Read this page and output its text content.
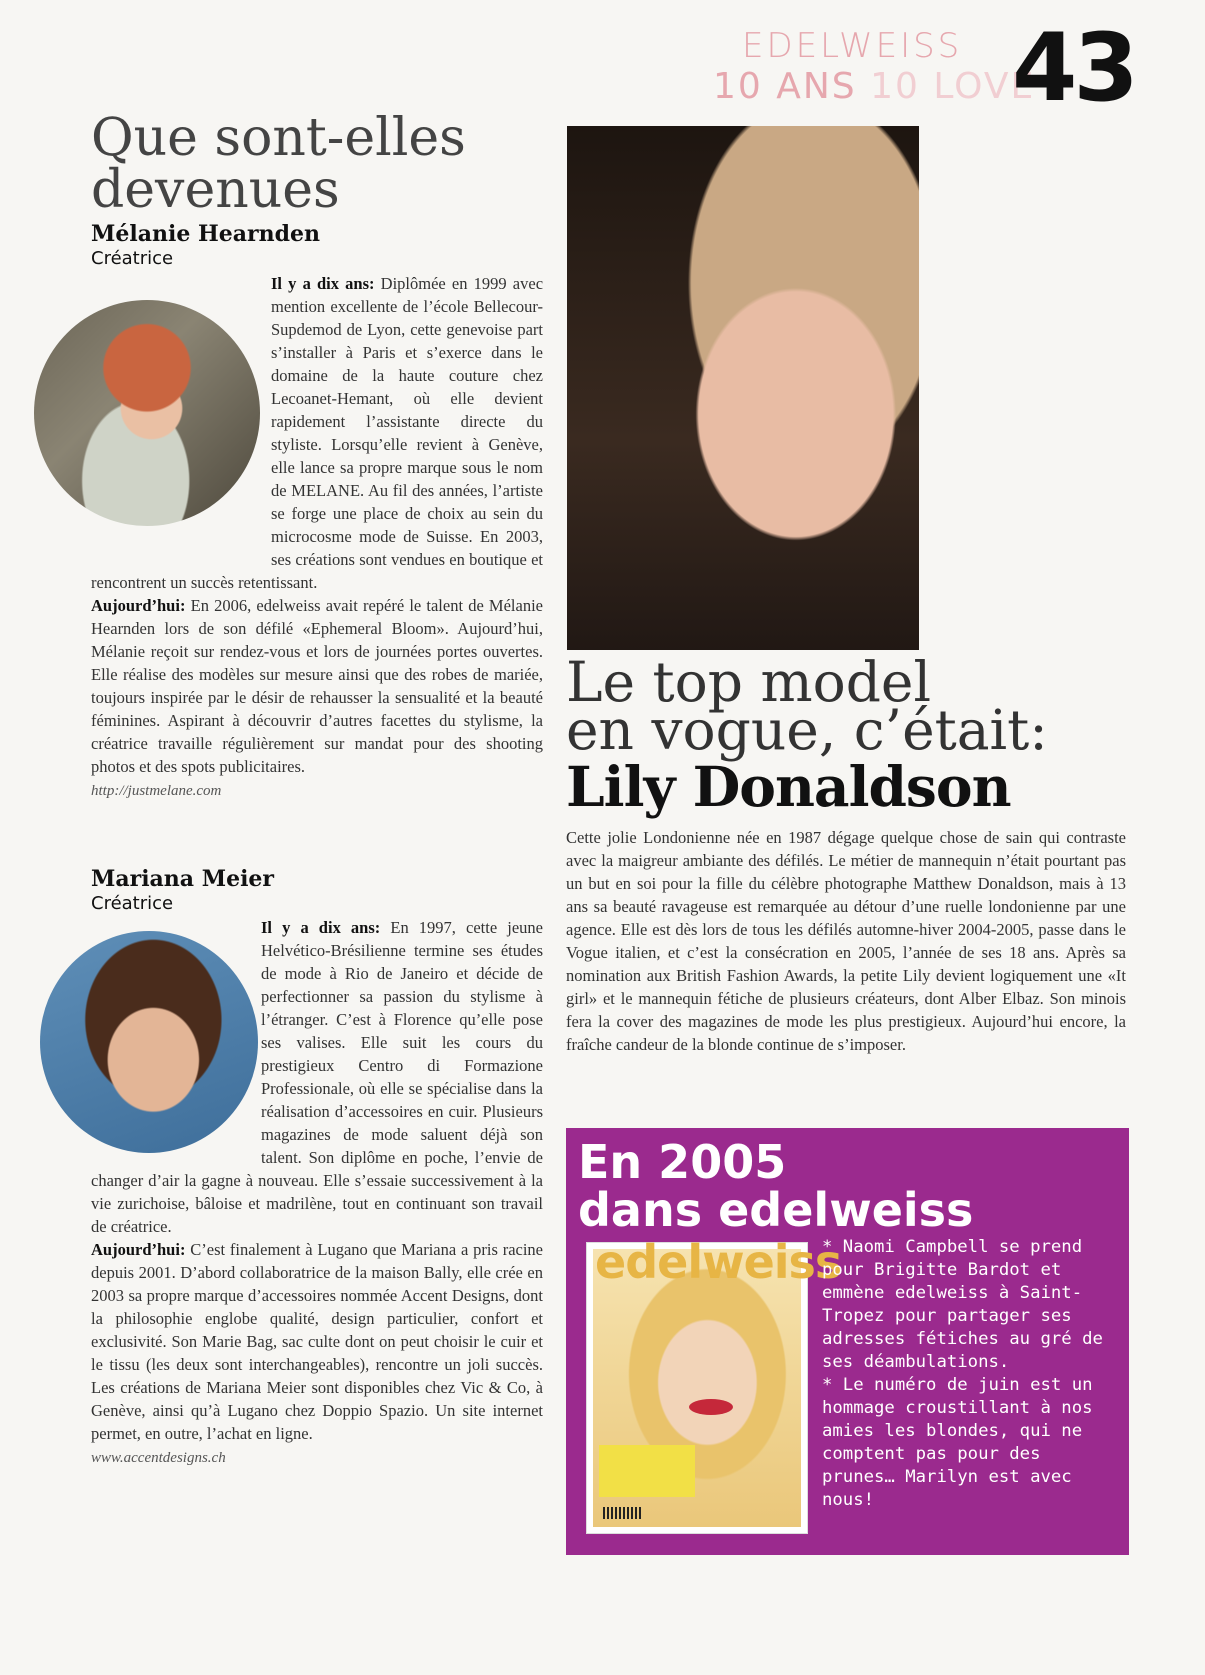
EDELWEISS
10 ANS 10 LOVE
43
Que sont-elles
devenues
Mélanie Hearnden
Créatrice

Il y a dix ans: Diplômée en 1999 avec mention excellente de l’école Bellecour-Supdemod de Lyon, cette genevoise part s’installer à Paris et s’exerce dans le domaine de la haute couture chez Lecoanet-Hemant, où elle devient rapidement l’assistante directe du styliste. Lorsqu’elle revient à Genève, elle lance sa propre marque sous le nom de MELANE. Au fil des années, l’artiste se forge une place de choix au sein du microcosme mode de Suisse. En 2003, ses créations sont vendues en boutique et rencontrent un succès retentissant.

Aujourd’hui: En 2006, edelweiss avait repéré le talent de Mélanie Hearnden lors de son défilé «Ephemeral Bloom». Aujourd’hui, Mélanie reçoit sur rendez-vous et lors de journées portes ouvertes. Elle réalise des modèles sur mesure ainsi que des robes de mariée, toujours inspirée par le désir de rehausser la sensualité et la beauté féminines. Aspirant à découvrir d’autres facettes du stylisme, la créatrice travaille régulièrement sur mandat pour des shooting photos et des spots publicitaires.

http://justmelane.com

Mariana Meier
Créatrice

Il y a dix ans: En 1997, cette jeune Helvético-Brésilienne termine ses études de mode à Rio de Janeiro et décide de perfectionner sa passion du stylisme à l’étranger. C’est à Florence qu’elle pose ses valises. Elle suit les cours du prestigieux Centro di Formazione Professionale, où elle se spécialise dans la réalisation d’accessoires en cuir. Plusieurs magazines de mode saluent déjà son talent. Son diplôme en poche, l’envie de changer d’air la gagne à nouveau. Elle s’essaie successivement à la vie zurichoise, bâloise et madrilène, tout en continuant son travail de créatrice.

Aujourd’hui: C’est finalement à Lugano que Mariana a pris racine depuis 2001. D’abord collaboratrice de la maison Bally, elle crée en 2003 sa propre marque d’accessoires nommée Accent Designs, dont la philosophie englobe qualité, design particulier, confort et exclusivité. Son Marie Bag, sac culte dont on peut choisir le cuir et le tissu (les deux sont interchangeables), rencontre un joli succès. Les créations de Mariana Meier sont disponibles chez Vic & Co, à Genève, ainsi qu’à Lugano chez Doppio Spazio. Un site internet permet, en outre, l’achat en ligne.

www.accentdesigns.ch

Le top model
en vogue, c’était:
Lily Donaldson
Cette jolie Londonienne née en 1987 dégage quelque chose de sain qui contraste avec la maigreur ambiante des défilés. Le métier de mannequin n’était pourtant pas un but en soi pour la fille du célèbre photographe Matthew Donaldson, mais à 13 ans sa beauté ravageuse est remarquée au détour d’une ruelle londonienne par une agence. Elle est dès lors de tous les défilés automne-hiver 2004-2005, passe dans le Vogue italien, et c’est la consécration en 2005, l’année de ses 18 ans. Après sa nomination aux British Fashion Awards, la petite Lily devient logiquement une «It girl» et le mannequin fétiche de plusieurs créateurs, dont Alber Elbaz. Son minois fera la cover des magazines de mode les plus prestigieux. Aujourd’hui encore, la fraîche candeur de la blonde continue de s’imposer.
En 2005
dans edelweiss
edelweiss

* Naomi Campbell se prend pour Brigitte Bardot et emmène edelweiss à Saint-Tropez pour partager ses adresses fétiches au gré de ses déambulations.

* Le numéro de juin est un hommage croustillant à nos amies les blondes, qui ne comptent pas pour des prunes… Marilyn est avec nous!
